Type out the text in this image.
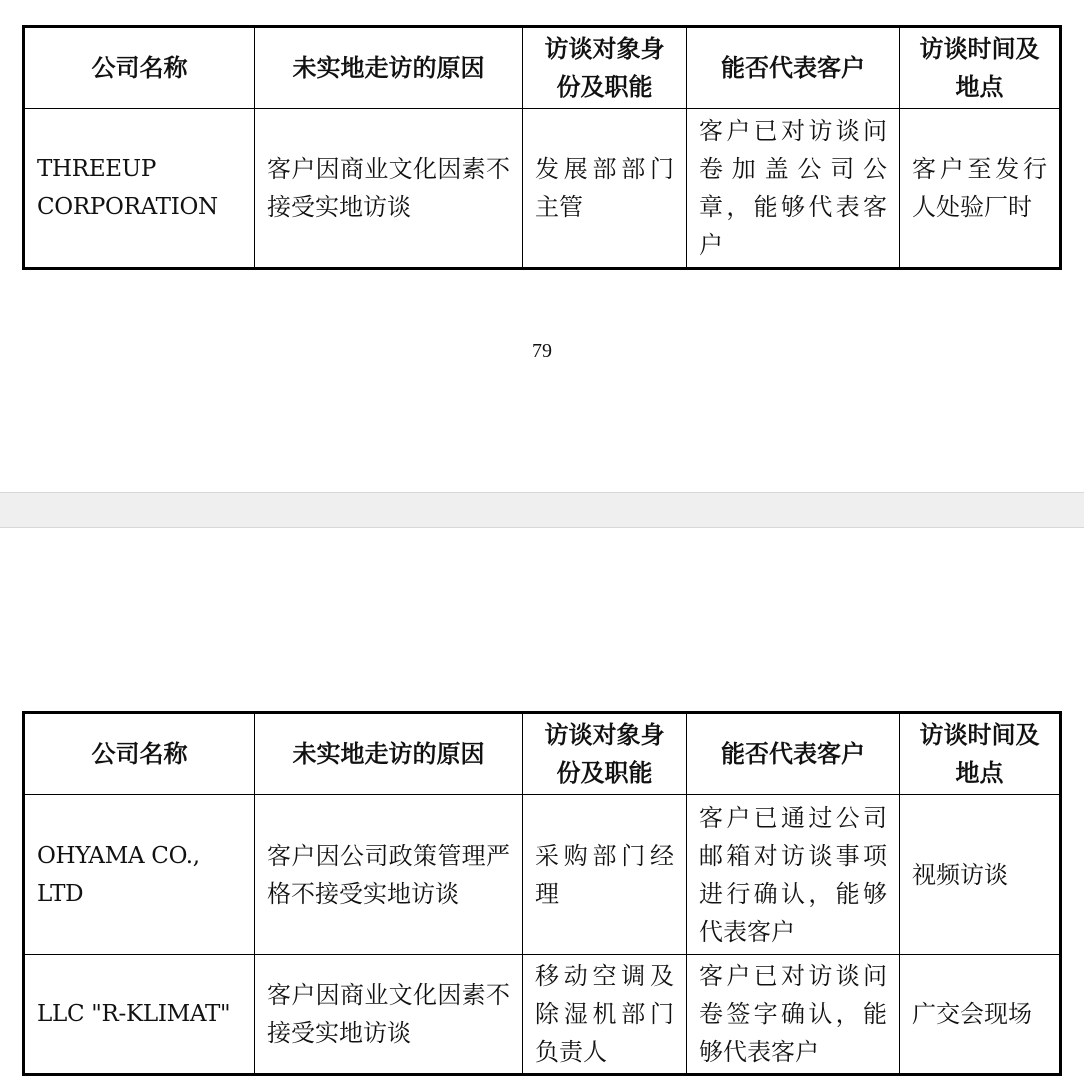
公司名称	未实地走访的原因	访谈对象身份及职能	能否代表客户	访谈时间及地点
THREEUP CORPORATION	客户因商业文化因素不接受实地访谈	发展部部门主管	客户已对访谈问卷加盖公司公章，能够代表客户	客户至发行人处验厂时
79
公司名称	未实地走访的原因	访谈对象身份及职能	能否代表客户	访谈时间及地点
OHYAMA CO., LTD	客户因公司政策管理严格不接受实地访谈	采购部门经理	客户已通过公司邮箱对访谈事项进行确认，能够代表客户	视频访谈
LLC "R-KLIMAT"	客户因商业文化因素不接受实地访谈	移动空调及除湿机部门负责人	客户已对访谈问卷签字确认，能够代表客户	广交会现场
